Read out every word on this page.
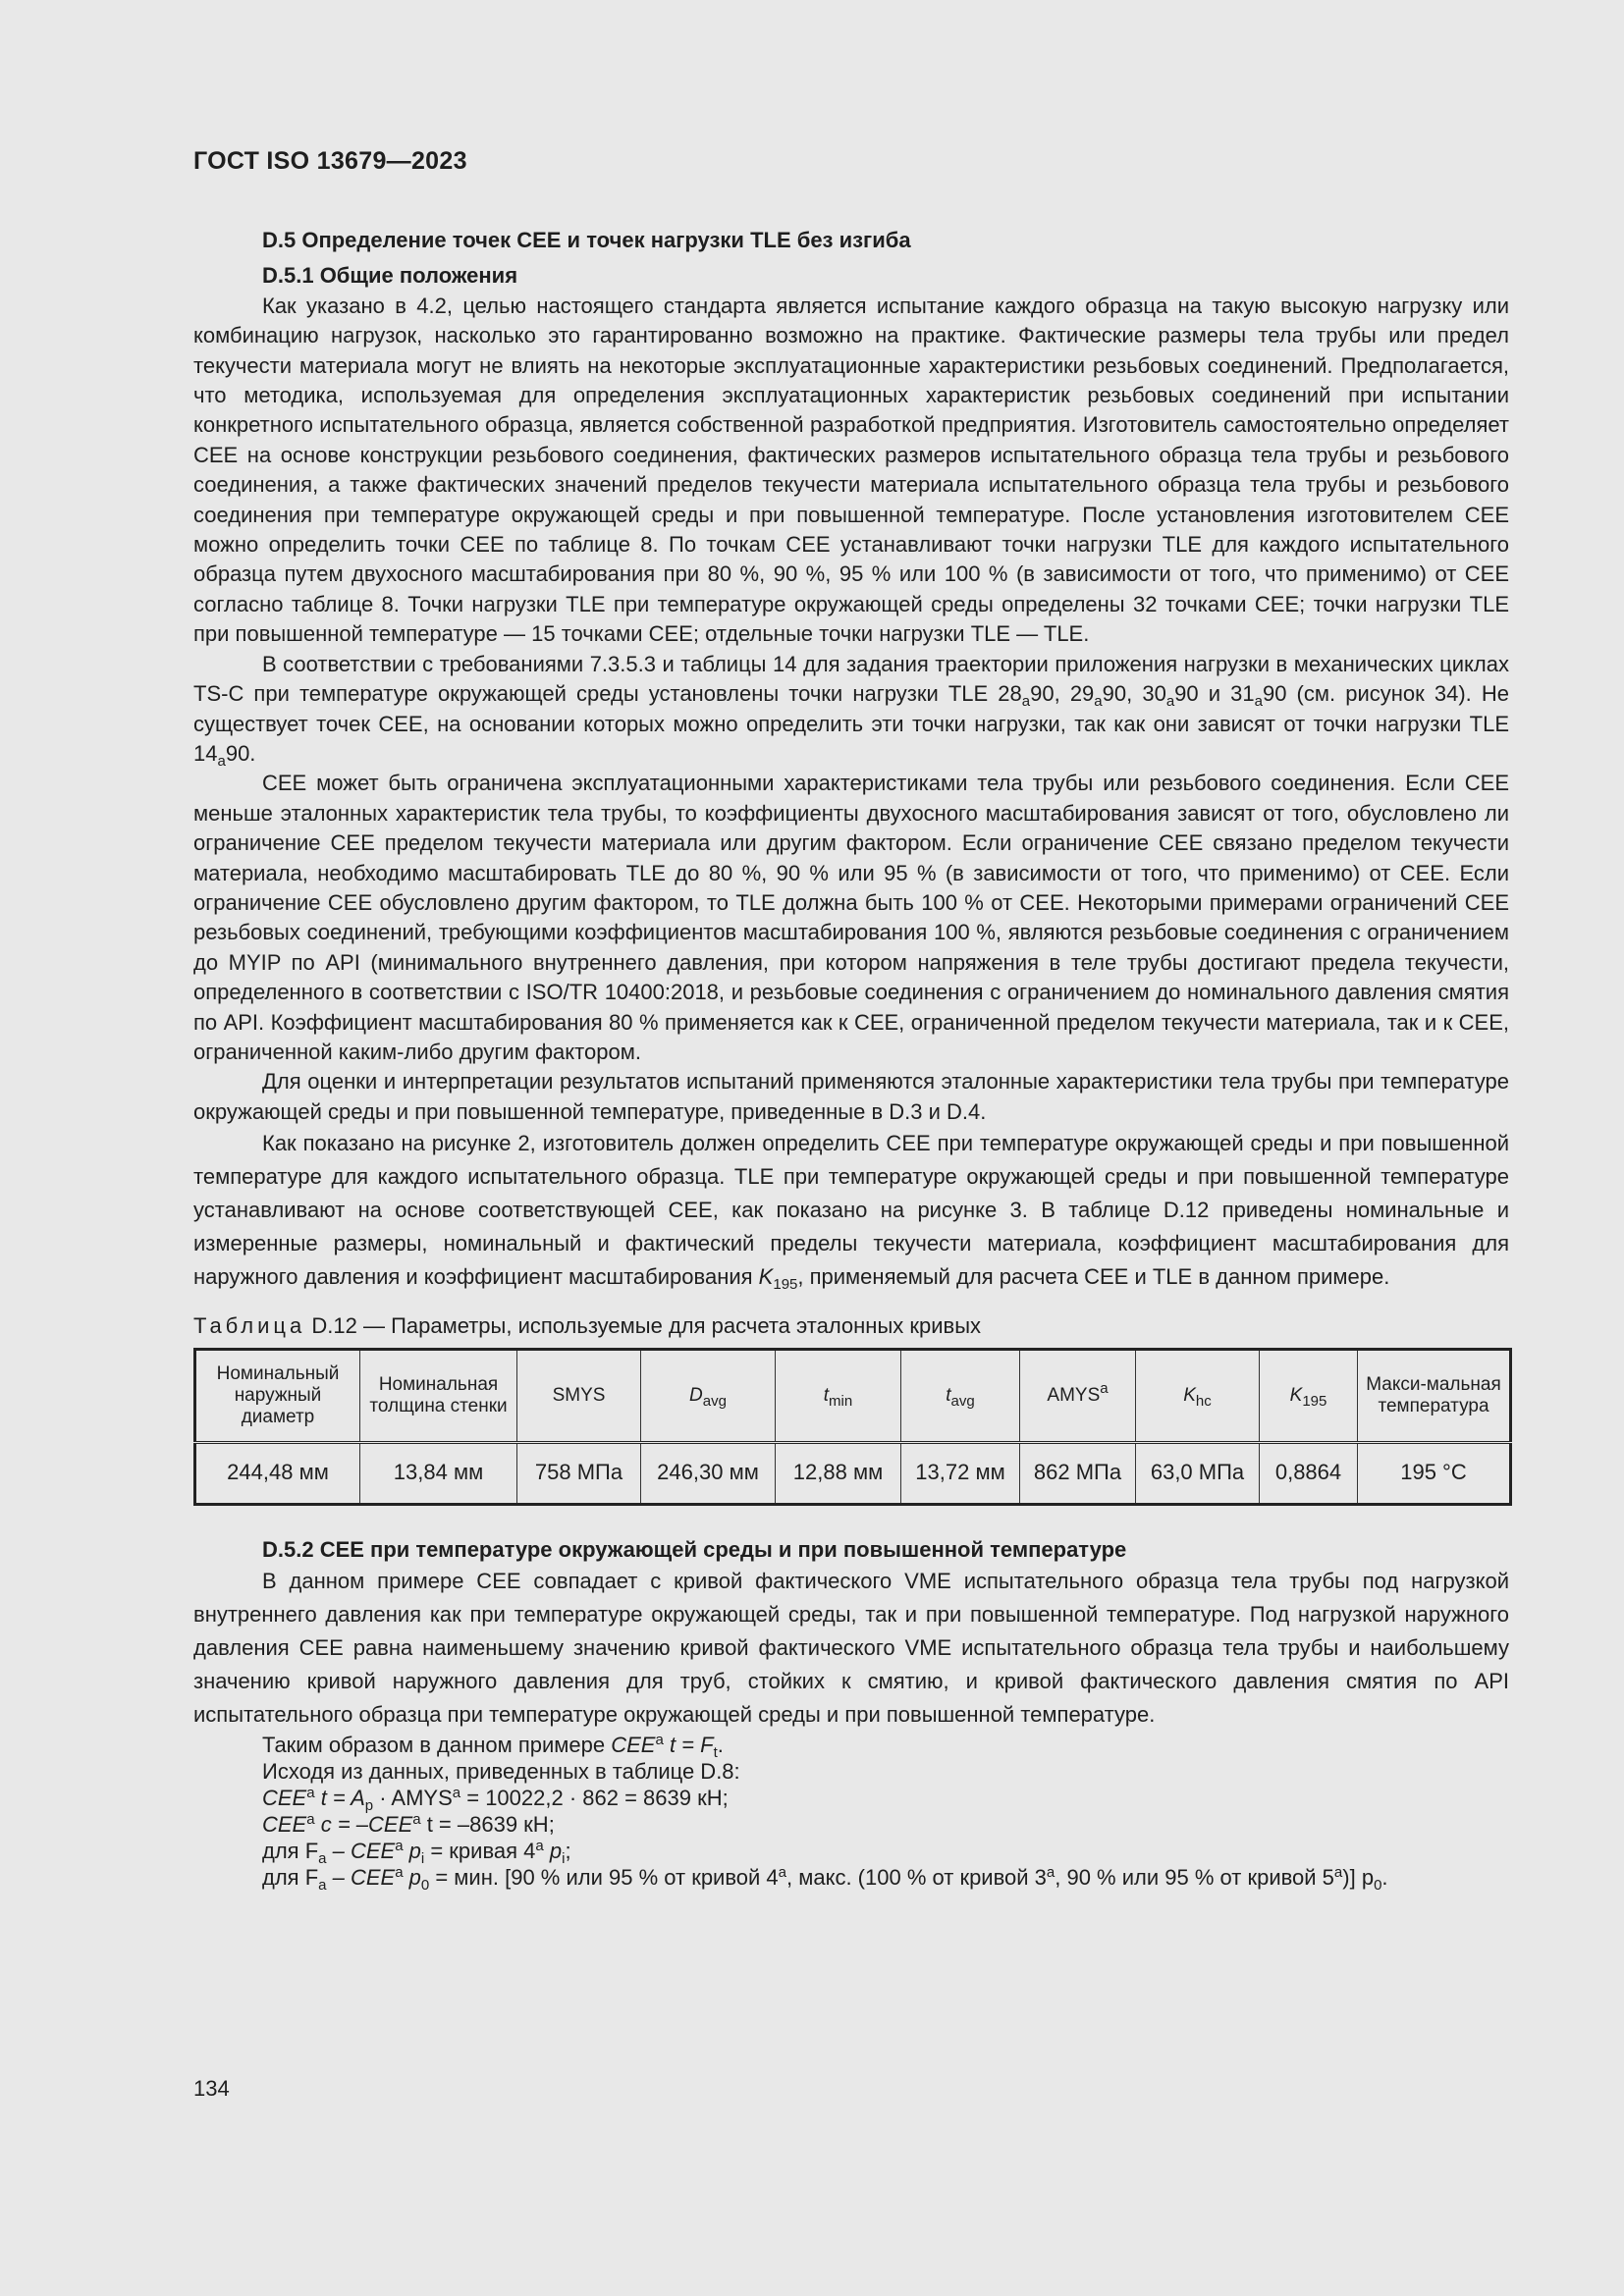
ГОСТ ISO 13679—2023
D.5 Определение точек CEE и точек нагрузки TLE без изгиба
D.5.1 Общие положения

Как указано в 4.2, целью настоящего стандарта является испытание каждого образца на такую высокую нагрузку или комбинацию нагрузок, насколько это гарантированно возможно на практике. Фактические размеры тела трубы или предел текучести материала могут не влиять на некоторые эксплуатационные характеристики резьбовых соединений. Предполагается, что методика, используемая для определения эксплуатационных характеристик резьбовых соединений при испытании конкретного испытательного образца, является собственной разработкой предприятия. Изготовитель самостоятельно определяет CEE на основе конструкции резьбового соединения, фактических размеров испытательного образца тела трубы и резьбового соединения, а также фактических значений пределов текучести материала испытательного образца тела трубы и резьбового соединения при температуре окружающей среды и при повышенной температуре. После установления изготовителем CEE можно определить точки CEE по таблице 8. По точкам CEE устанавливают точки нагрузки TLE для каждого испытательного образца путем двухосного масштабирования при 80 %, 90 %, 95 % или 100 % (в зависимости от того, что применимо) от CEE согласно таблице 8. Точки нагрузки TLE при температуре окружающей среды определены 32 точками CEE; точки нагрузки TLE при повышенной температуре — 15 точками CEE; отдельные точки нагрузки TLE — TLE.

В соответствии с требованиями 7.3.5.3 и таблицы 14 для задания траектории приложения нагрузки в механических циклах TS-C при температуре окружающей среды установлены точки нагрузки TLE $28_a90$, $29_a90$, $30_a90$ и $31_a90$ (см. рисунок 34). Не существует точек CEE, на основании которых можно определить эти точки нагрузки, так как они зависят от точки нагрузки TLE $14_a90$.

CEE может быть ограничена эксплуатационными характеристиками тела трубы или резьбового соединения. Если CEE меньше эталонных характеристик тела трубы, то коэффициенты двухосного масштабирования зависят от того, обусловлено ли ограничение CEE пределом текучести материала или другим фактором. Если ограничение CEE связано пределом текучести материала, необходимо масштабировать TLE до 80 %, 90 % или 95 % (в зависимости от того, что применимо) от CEE. Если ограничение CEE обусловлено другим фактором, то TLE должна быть 100 % от CEE. Некоторыми примерами ограничений CEE резьбовых соединений, требующими коэффициентов масштабирования 100 %, являются резьбовые соединения с ограничением до MYIP по API (минимального внутреннего давления, при котором напряжения в теле трубы достигают предела текучести, определенного в соответствии с ISO/TR 10400:2018, и резьбовые соединения с ограничением до номинального давления смятия по API. Коэффициент масштабирования 80 % применяется как к CEE, ограниченной пределом текучести материала, так и к CEE, ограниченной каким-либо другим фактором.

Для оценки и интерпретации результатов испытаний применяются эталонные характеристики тела трубы при температуре окружающей среды и при повышенной температуре, приведенные в D.3 и D.4.

Как показано на рисунке 2, изготовитель должен определить CEE при температуре окружающей среды и при повышенной температуре для каждого испытательного образца. TLE при температуре окружающей среды и при повышенной температуре устанавливают на основе соответствующей CEE, как показано на рисунке 3. В таблице D.12 приведены номинальные и измеренные размеры, номинальный и фактический пределы текучести материала, коэффициент масштабирования для наружного давления и коэффициент масштабирования $K_{195}$, применяемый для расчета CEE и TLE в данном примере.

Таблица D.12 — Параметры, используемые для расчета эталонных кривых
Номинальный наружный диаметр	Номинальная толщина стенки	SMYS	$D_{avg}$	$t_{min}$	$t_{avg}$	AMYS$^a$	$K_{hc}$	$K_{195}$	Макси-мальная температура
244,48 мм	13,84 мм	758 МПа	246,30 мм	12,88 мм	13,72 мм	862 МПа	63,0 МПа	0,8864	195 °C
D.5.2 CEE при температуре окружающей среды и при повышенной температуре

В данном примере CEE совпадает с кривой фактического VME испытательного образца тела трубы под нагрузкой внутреннего давления как при температуре окружающей среды, так и при повышенной температуре. Под нагрузкой наружного давления CEE равна наименьшему значению кривой фактического VME испытательного образца тела трубы и наибольшему значению кривой наружного давления для труб, стойких к смятию, и кривой фактического давления смятия по API испытательного образца при температуре окружающей среды и при повышенной температуре.

Таким образом в данном примере CEE$^a$ $t = F_t$.

Исходя из данных, приведенных в таблице D.8:

CEE$^a$ $t = A_p$ · $AMYS^a = 10022,2 \cdot 862 = 8639$ кН;

CEE$^a$ $c = -CEE^a$ t = –8639 кН;

для $F_a - CEE^a$ $p_i$ = кривая 4$^a$ $p_i$;

для $F_a - CEE^a$ $p_0$ = мин. [90 % или 95 % от кривой 4$^a$, макс. (100 % от кривой 3$^a$, 90 % или 95 % от кривой 5$^a$)] $p_0$.

134
